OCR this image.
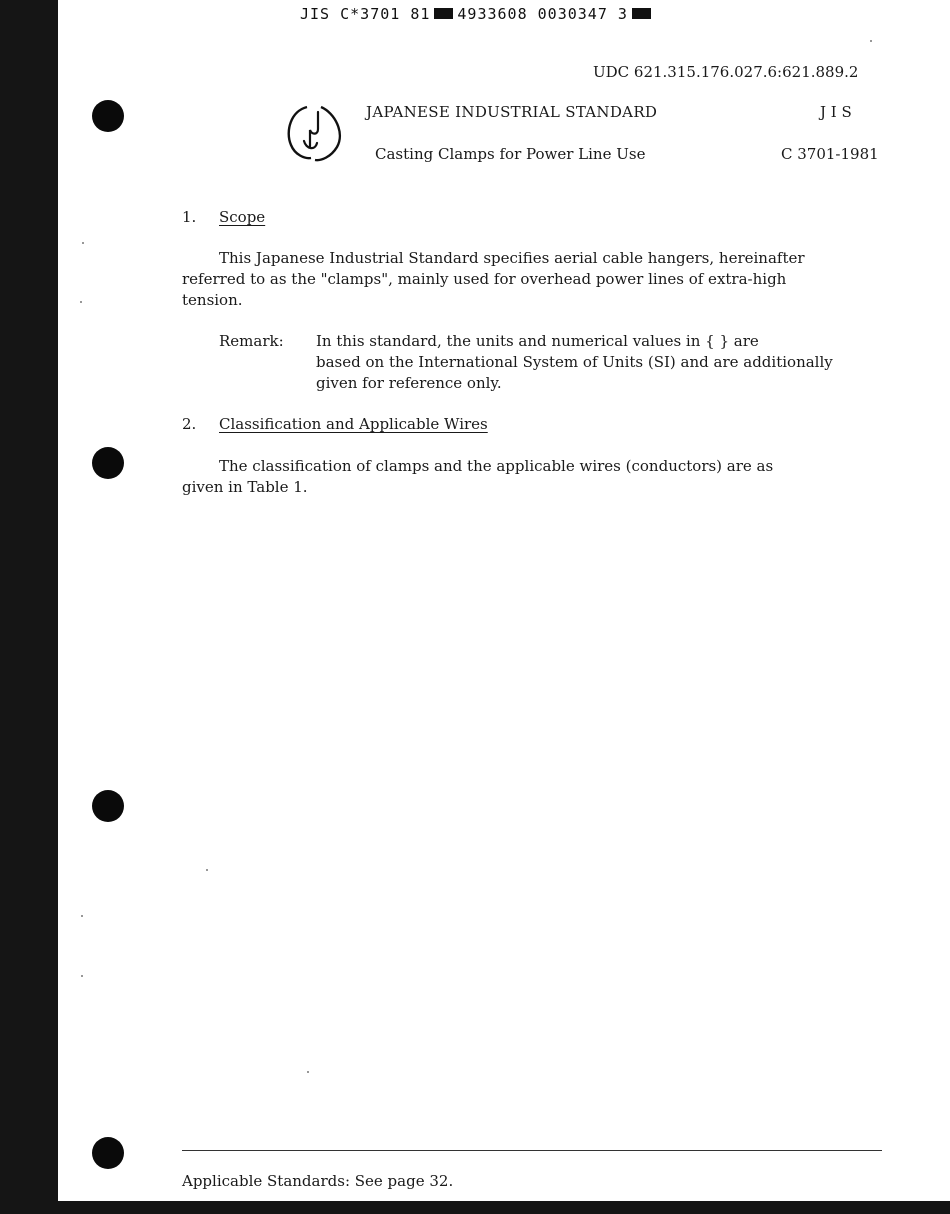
JIS C*3701 81 4933608 0030347 3
UDC 621.315.176.027.6:621.889.2
JAPANESE INDUSTRIAL STANDARD	J I S
Casting Clamps for Power Line Use	C 3701-1981
1. Scope
This Japanese Industrial Standard specifies aerial cable hangers, hereinafter
referred to as the "clamps", mainly used for overhead power lines of extra-high
tension.
Remark: In this standard, the units and numerical values in { } are
based on the International System of Units (SI) and are additionally
given for reference only.
2. Classification and Applicable Wires
The classification of clamps and the applicable wires (conductors) are as
given in Table 1.
Applicable Standards: See page 32.
